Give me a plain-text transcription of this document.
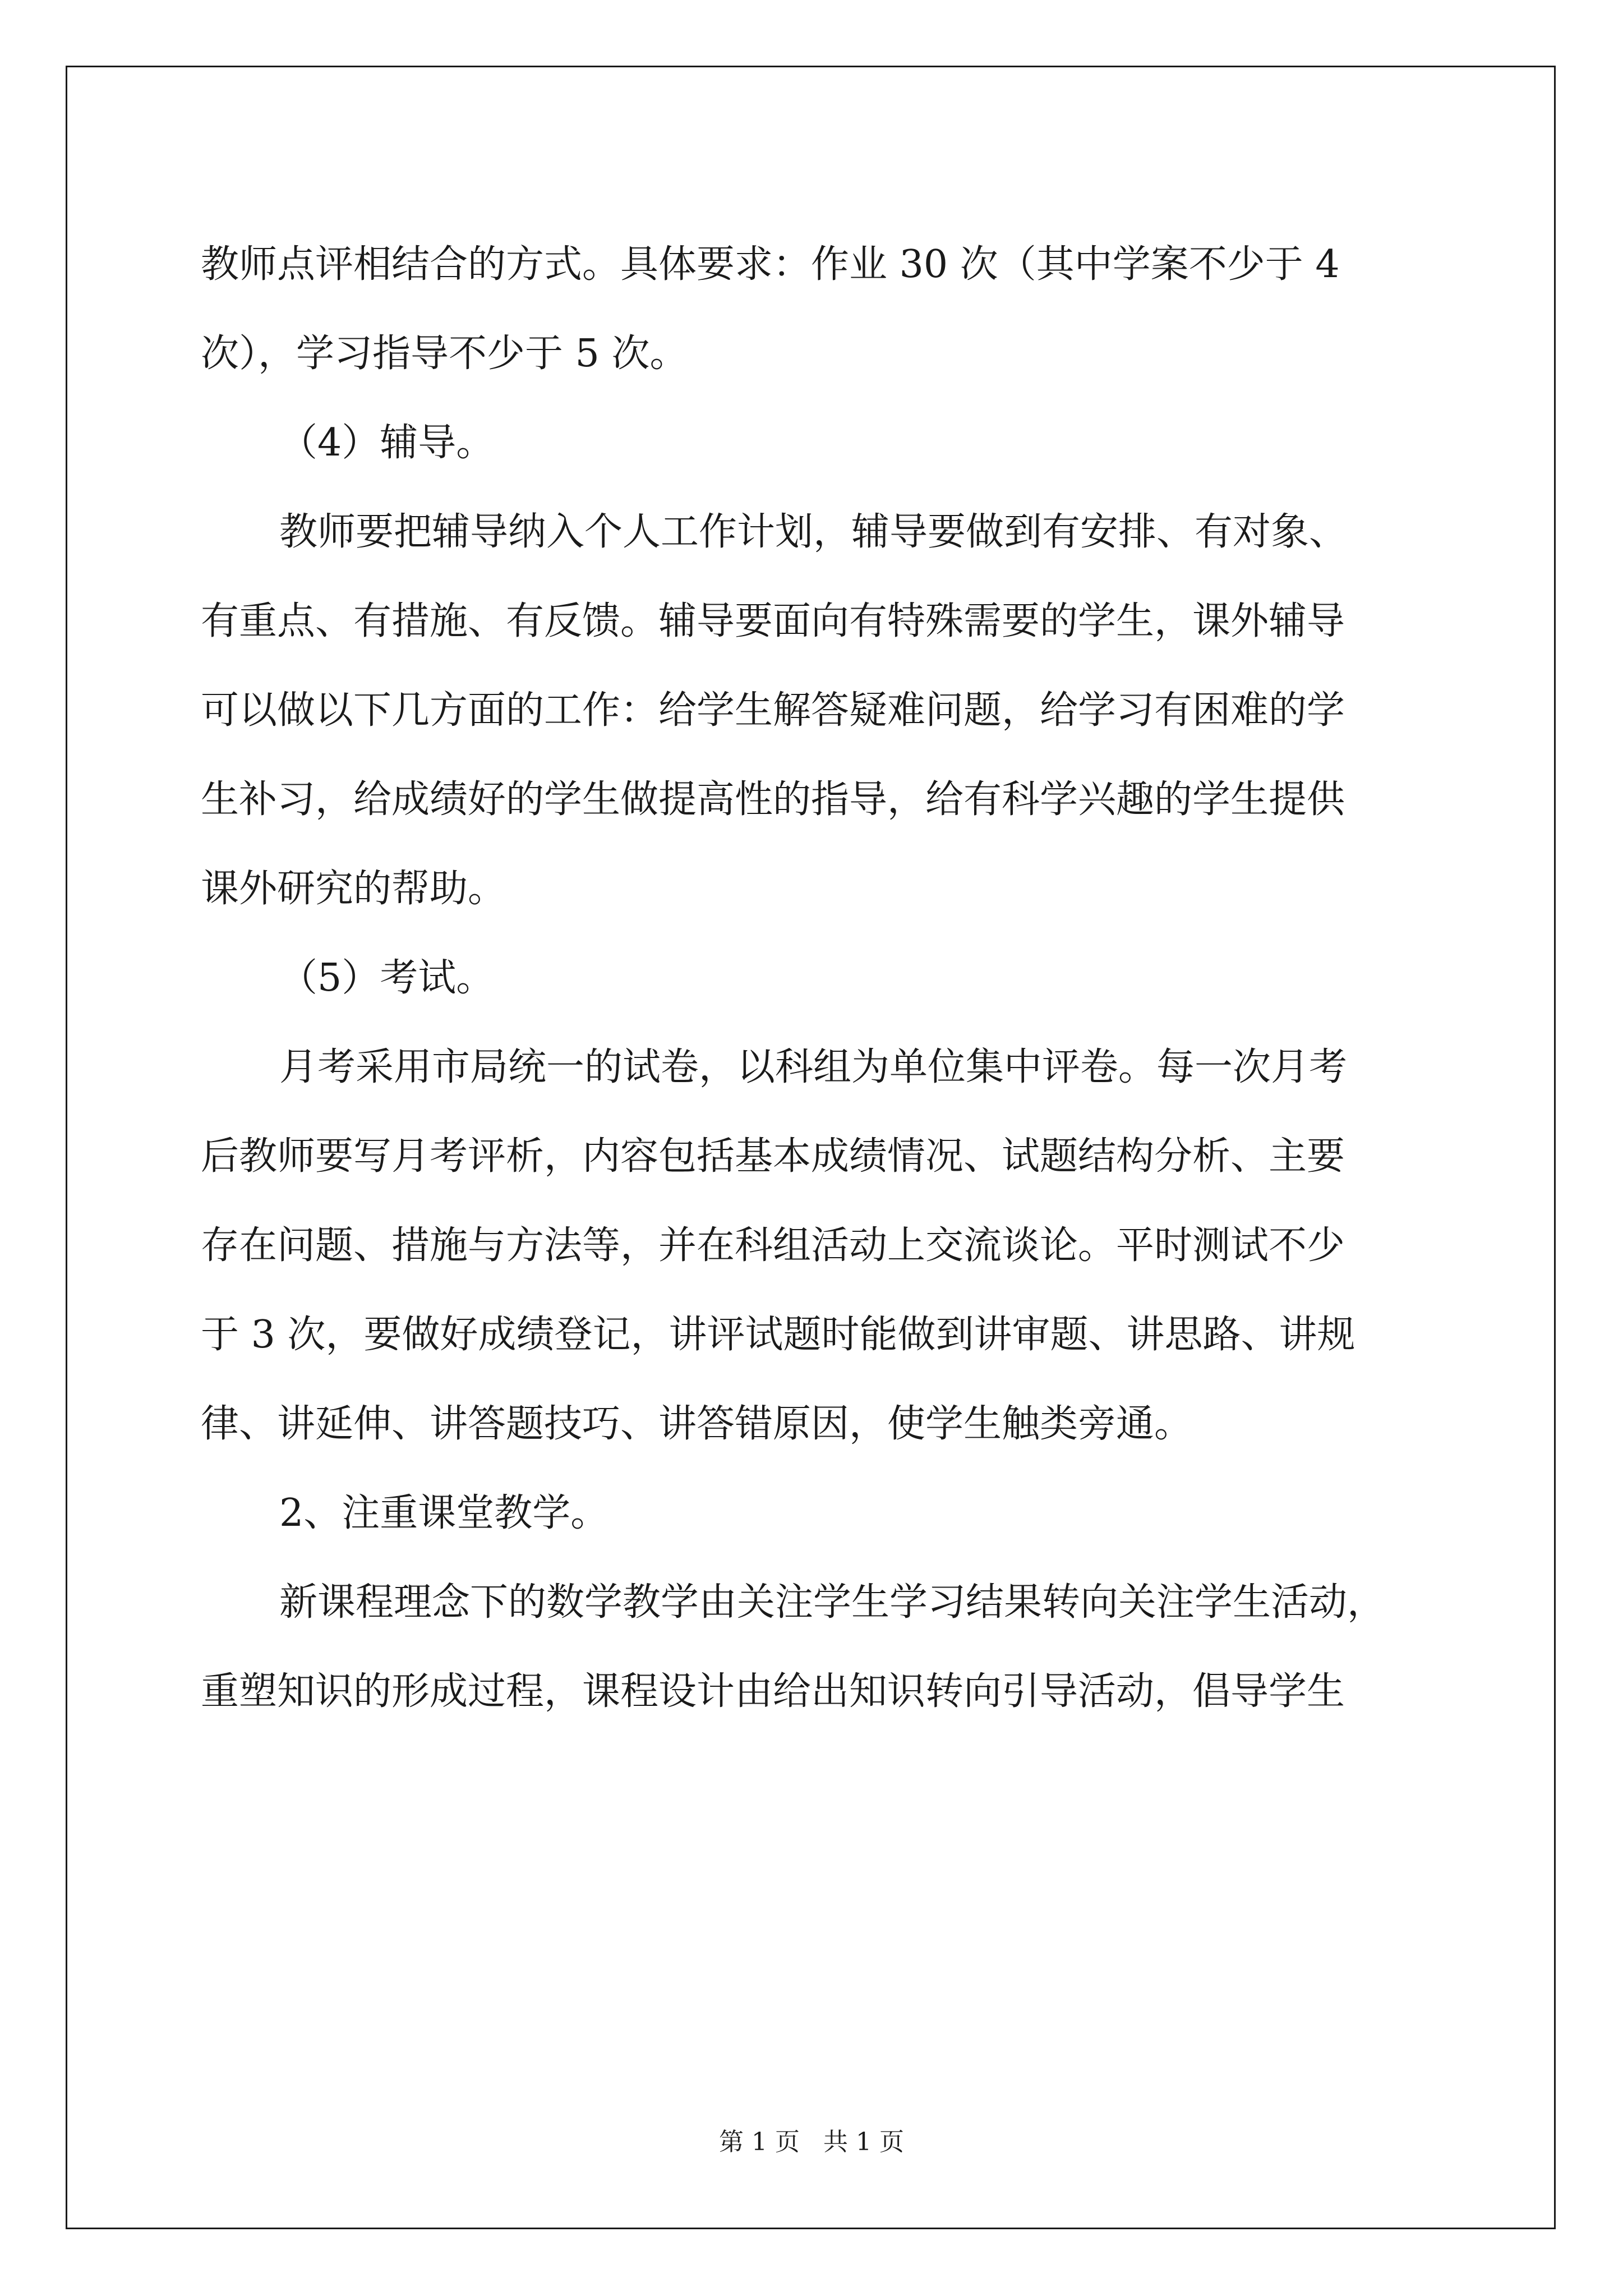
教师点评相结合的方式。具体要求：作业 30 次（其中学案不少于 4
次），学习指导不少于 5 次。
（4）辅导。
教师要把辅导纳入个人工作计划，辅导要做到有安排、有对象、
有重点、有措施、有反馈。辅导要面向有特殊需要的学生，课外辅导
可以做以下几方面的工作：给学生解答疑难问题，给学习有困难的学
生补习，给成绩好的学生做提高性的指导，给有科学兴趣的学生提供
课外研究的帮助。
（5）考试。
月考采用市局统一的试卷，以科组为单位集中评卷。每一次月考
后教师要写月考评析，内容包括基本成绩情况、试题结构分析、主要
存在问题、措施与方法等，并在科组活动上交流谈论。平时测试不少
于 3 次，要做好成绩登记，讲评试题时能做到讲审题、讲思路、讲规
律、讲延伸、讲答题技巧、讲答错原因，使学生触类旁通。
2、注重课堂教学。
新课程理念下的数学教学由关注学生学习结果转向关注学生活动，
重塑知识的形成过程，课程设计由给出知识转向引导活动，倡导学生
第 1 页   共 1 页
